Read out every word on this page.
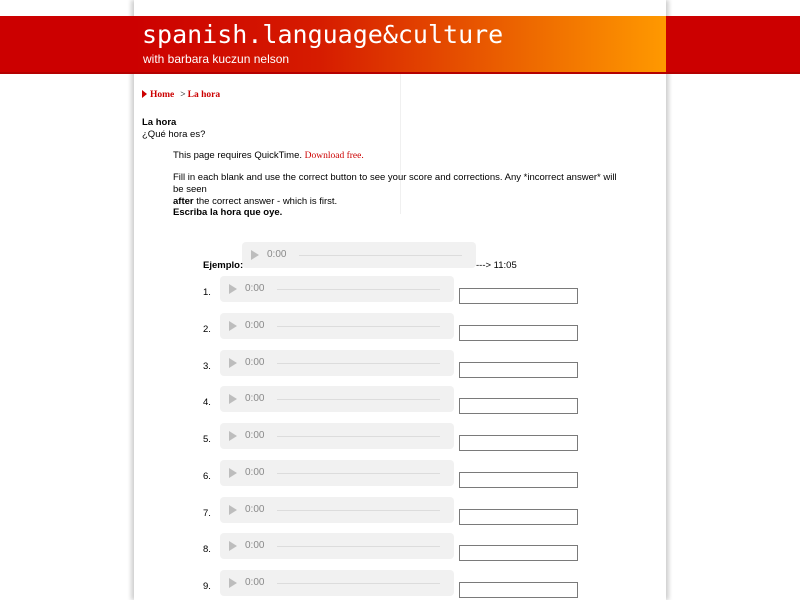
spanish.language&culture
with barbara kuczun nelson
Home > La hora
La hora
¿Qué hora es?
This page requires QuickTime. Download free.
Fill in each blank and use the correct button to see your score and corrections. Any *incorrect answer* will be seen
after the correct answer - which is first.
Escriba la hora que oye.
0:00
Ejemplo:	---> 11:05
1.	0:00
2.	0:00
3.	0:00
4.	0:00
5.	0:00
6.	0:00
7.	0:00
8.	0:00
9.	0:00
